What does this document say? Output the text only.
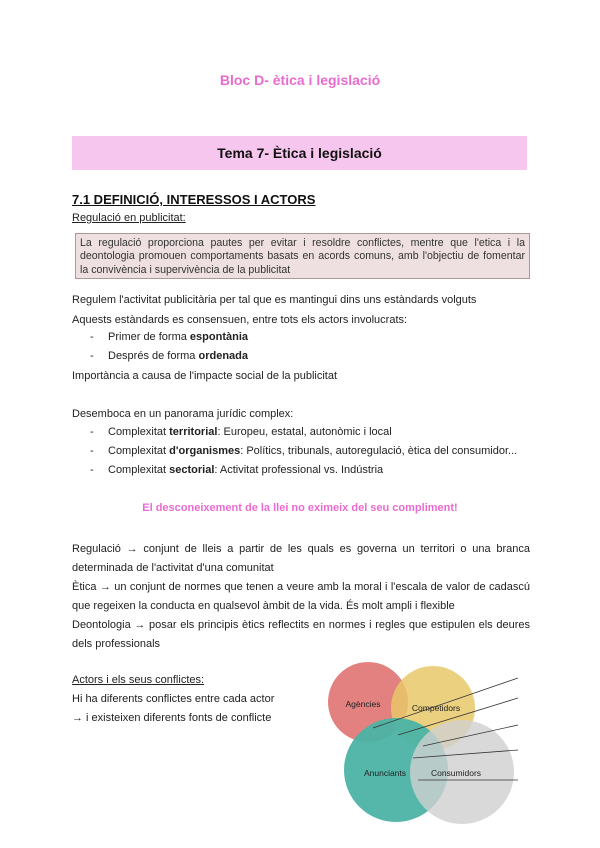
Bloc D- ètica i legislació
Tema 7- Ètica i legislació
7.1 DEFINICIÓ, INTERESSOS I ACTORS
Regulació en publicitat:
La regulació proporciona pautes per evitar i resoldre conflictes, mentre que l'etica i la deontologia promouen comportaments basats en acords comuns, amb l'objectiu de fomentar la convivència i supervivència de la publicitat
Regulem l'activitat publicitària per tal que es mantingui dins uns estàndards volguts
Aquests estàndards es consensuen, entre tots els actors involucrats:
-	Primer de forma espontània
-	Després de forma ordenada
Importància a causa de l'impacte social de la publicitat
Desemboca en un panorama jurídic complex:
-	Complexitat territorial: Europeu, estatal, autonòmic i local
-	Complexitat d'organismes: Polítics, tribunals, autoregulació, ètica del consumidor...
-	Complexitat sectorial: Activitat professional vs. Indústria
El desconeixement de la llei no eximeix del seu compliment!
Regulació → conjunt de lleis a partir de les quals es governa un territori o una branca determinada de l'activitat d'una comunitat
Ètica → un conjunt de normes que tenen a veure amb la moral i l'escala de valor de cadascú que regeixen la conducta en qualsevol àmbit de la vida. És molt ampli i flexible
Deontologia → posar els principis ètics reflectits en normes i regles que estipulen els deures dels professionals
Actors i els seus conflictes:
Hi ha diferents conflictes entre cada actor
→ i existeixen diferents fonts de conflicte
Agències	Competidors
Anunciants	Consumidors
